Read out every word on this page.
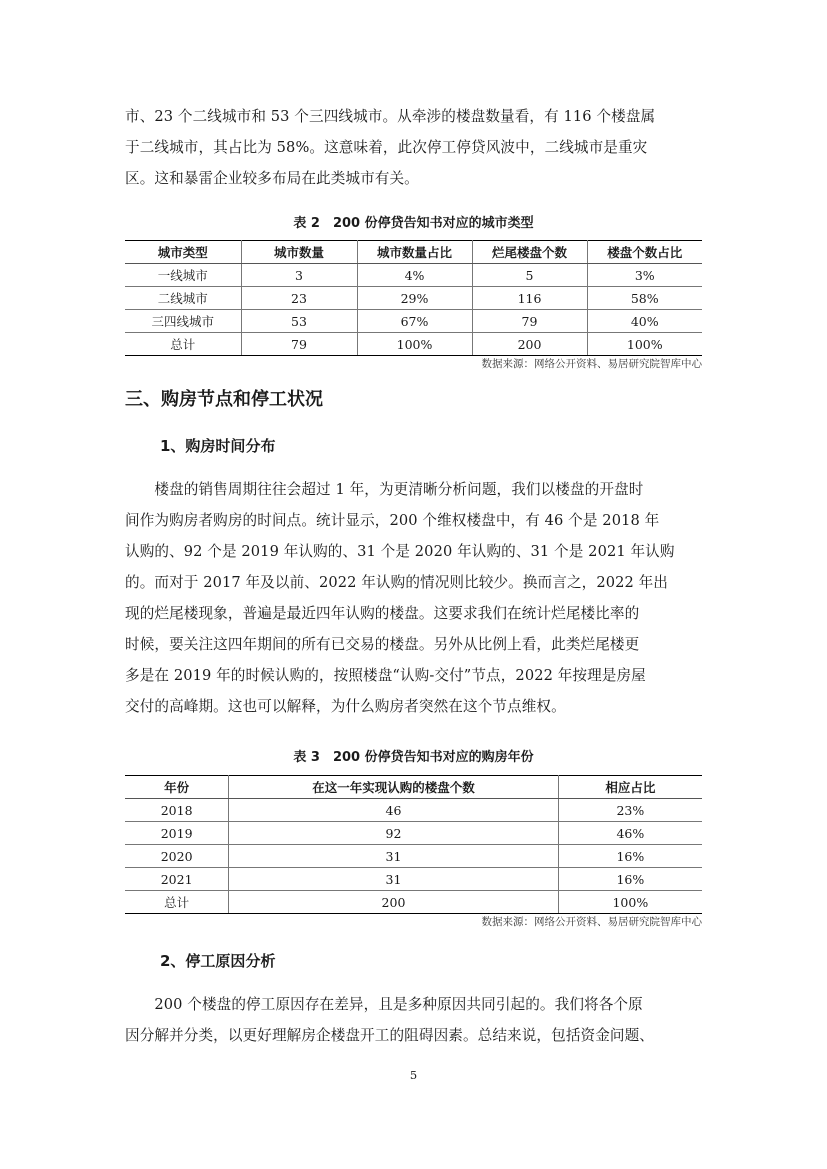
市、23 个二线城市和 53 个三四线城市。从牵涉的楼盘数量看，有 116 个楼盘属
于二线城市，其占比为 58%。这意味着，此次停工停贷风波中，二线城市是重灾
区。这和暴雷企业较多布局在此类城市有关。
表 2　200 份停贷告知书对应的城市类型
城市类型	城市数量	城市数量占比	烂尾楼盘个数	楼盘个数占比
一线城市	3	4%	5	3%
二线城市	23	29%	116	58%
三四线城市	53	67%	79	40%
总计	79	100%	200	100%
数据来源：网络公开资料、易居研究院智库中心
三、购房节点和停工状况
1、购房时间分布
　　楼盘的销售周期往往会超过 1 年，为更清晰分析问题，我们以楼盘的开盘时
间作为购房者购房的时间点。统计显示，200 个维权楼盘中，有 46 个是 2018 年
认购的、92 个是 2019 年认购的、31 个是 2020 年认购的、31 个是 2021 年认购
的。而对于 2017 年及以前、2022 年认购的情况则比较少。换而言之，2022 年出
现的烂尾楼现象，普遍是最近四年认购的楼盘。这要求我们在统计烂尾楼比率的
时候，要关注这四年期间的所有已交易的楼盘。另外从比例上看，此类烂尾楼更
多是在 2019 年的时候认购的，按照楼盘“认购-交付”节点，2022 年按理是房屋
交付的高峰期。这也可以解释，为什么购房者突然在这个节点维权。
表 3　200 份停贷告知书对应的购房年份
年份	在这一年实现认购的楼盘个数	相应占比
2018	46	23%
2019	92	46%
2020	31	16%
2021	31	16%
总计	200	100%
数据来源：网络公开资料、易居研究院智库中心
2、停工原因分析
　　200 个楼盘的停工原因存在差异，且是多种原因共同引起的。我们将各个原
因分解并分类，以更好理解房企楼盘开工的阻碍因素。总结来说，包括资金问题、
5
